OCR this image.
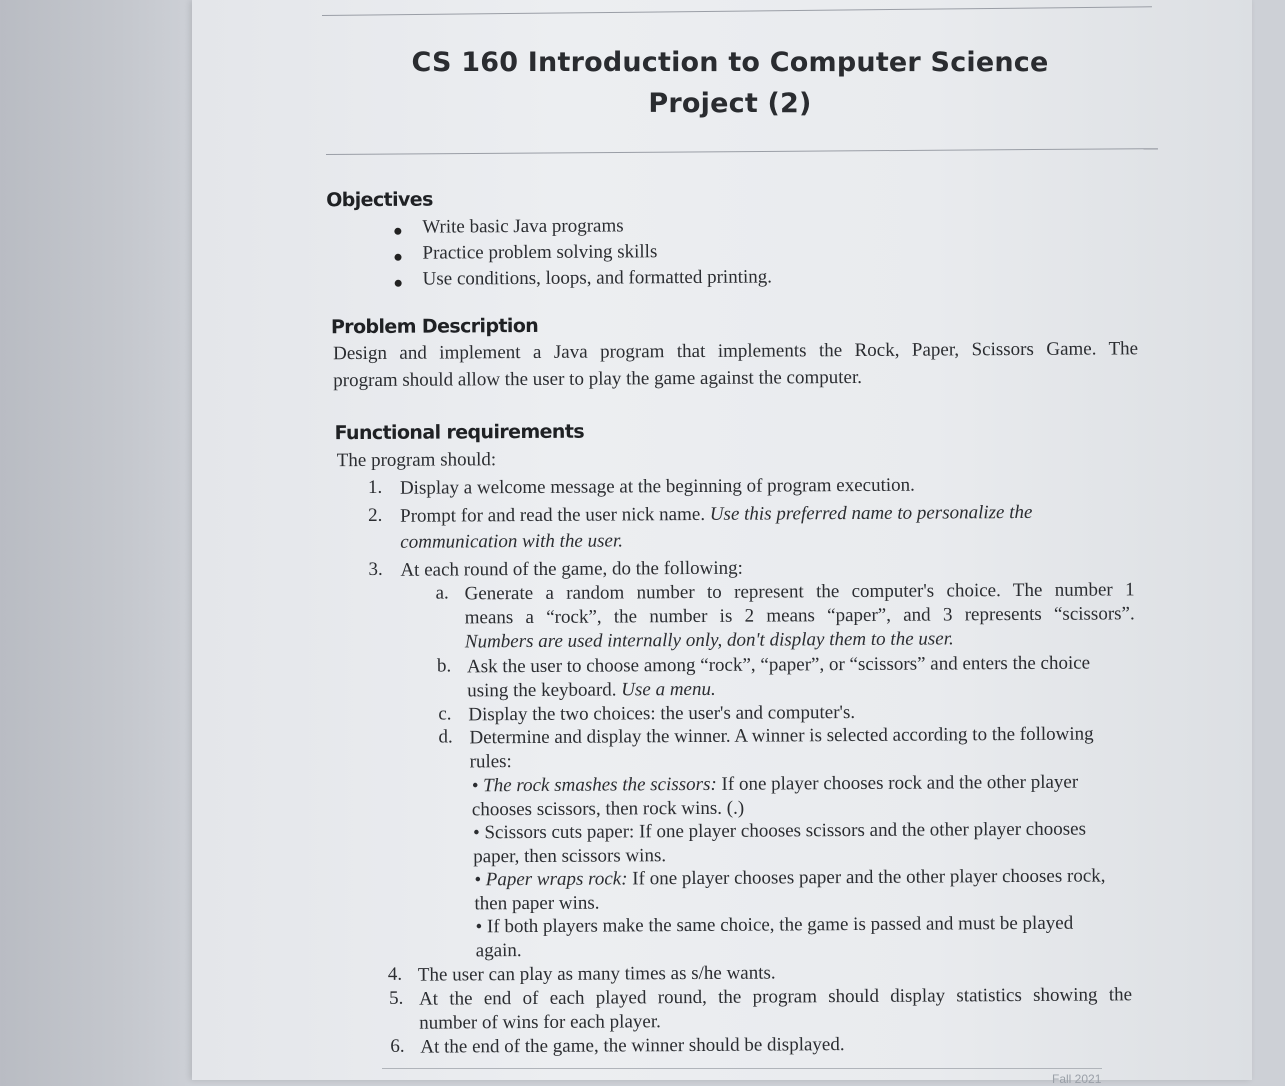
CS 160 Introduction to Computer Science
Project (2)
Objectives
Write basic Java programs
Practice problem solving skills
Use conditions, loops, and formatted printing.
Problem Description
Design and implement a Java program that implements the Rock, Paper, Scissors Game. The
program should allow the user to play the game against the computer.
Functional requirements
The program should:
1. Display a welcome message at the beginning of program execution.
2. Prompt for and read the user nick name. Use this preferred name to personalize the
communication with the user.
3. At each round of the game, do the following:
a. Generate a random number to represent the computer's choice. The number 1
means a “rock”, the number is 2 means “paper”, and 3 represents “scissors”.
Numbers are used internally only, don't display them to the user.
b. Ask the user to choose among “rock”, “paper”, or “scissors” and enters the choice
using the keyboard. Use a menu.
c. Display the two choices: the user's and computer's.
d. Determine and display the winner. A winner is selected according to the following
rules:
• The rock smashes the scissors: If one player chooses rock and the other player
chooses scissors, then rock wins. (.)
• Scissors cuts paper: If one player chooses scissors and the other player chooses
paper, then scissors wins.
• Paper wraps rock: If one player chooses paper and the other player chooses rock,
then paper wins.
• If both players make the same choice, the game is passed and must be played
again.
4. The user can play as many times as s/he wants.
5. At the end of each played round, the program should display statistics showing the
number of wins for each player.
6. At the end of the game, the winner should be displayed.
Fall 2021
